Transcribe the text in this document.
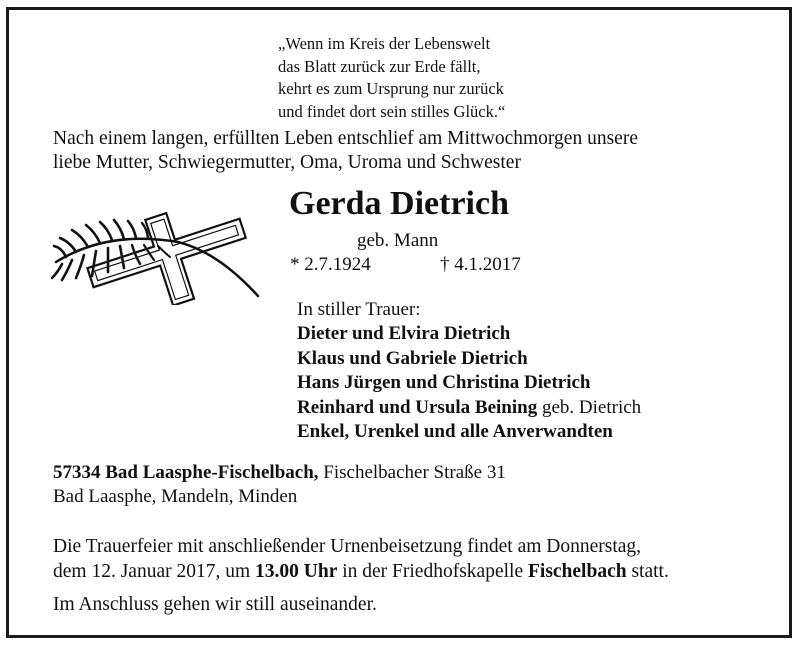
„Wenn im Kreis der Lebenswelt
das Blatt zurück zur Erde fällt,
kehrt es zum Ursprung nur zurück
und findet dort sein stilles Glück.“
Nach einem langen, erfüllten Leben entschlief am Mittwochmorgen unsere
liebe Mutter, Schwiegermutter, Oma, Uroma und Schwester
Gerda Dietrich
geb. Mann
* 2.7.1924	† 4.1.2017
In stiller Trauer:
Dieter und Elvira Dietrich
Klaus und Gabriele Dietrich
Hans Jürgen und Christina Dietrich
Reinhard und Ursula Beining geb. Dietrich
Enkel, Urenkel und alle Anverwandten
57334 Bad Laasphe-Fischelbach, Fischelbacher Straße 31
Bad Laasphe, Mandeln, Minden
Die Trauerfeier mit anschließender Urnenbeisetzung findet am Donnerstag,
dem 12. Januar 2017, um 13.00 Uhr in der Friedhofskapelle Fischelbach statt.
Im Anschluss gehen wir still auseinander.
